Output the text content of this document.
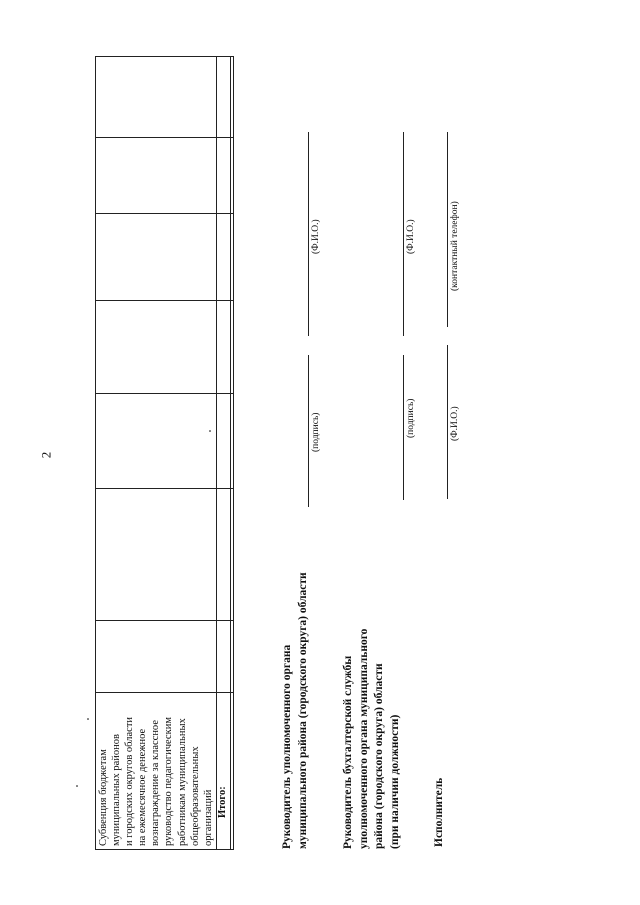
2
Субвенция бюджетам муниципальных районов и городских округов области на ежемесячное денежное вознаграждение за классное руководство педагогическим работникам муниципальных общеобразовательных организаций Итого:	Руководитель уполномоченного органа муниципального района (городского округа) области
(подпись)
(Ф.И.О.)
Руководитель бухгалтерской службы уполномоченного органа муниципального района (городского округа) области (при наличии должности)
(подпись)
(Ф.И.О.)
Исполнитель
(Ф.И.О.)
(контактный телефон)
